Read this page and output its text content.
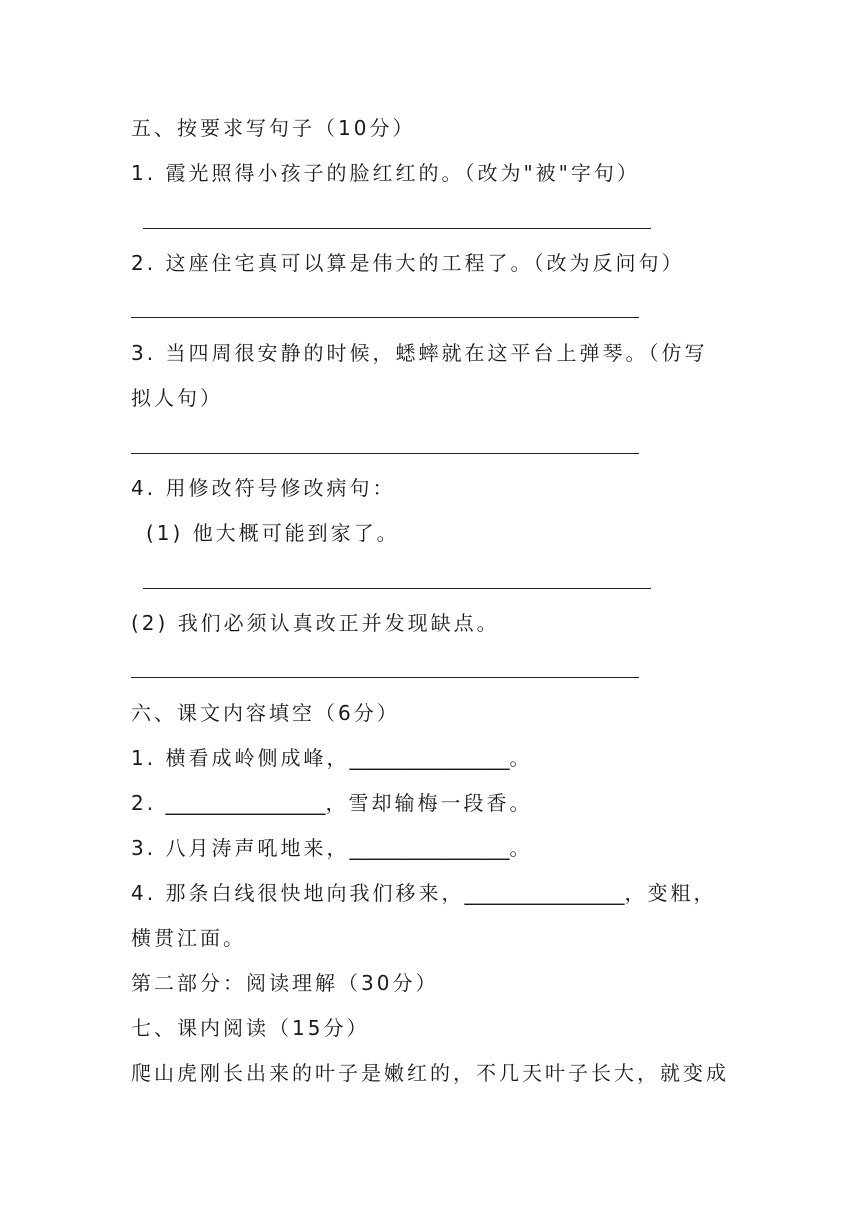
五、按要求写句子（10分）
1. 霞光照得小孩子的脸红红的。（改为"被"字句）
2. 这座住宅真可以算是伟大的工程了。（改为反问句）
3. 当四周很安静的时候，蟋蟀就在这平台上弹琴。（仿写
拟人句）
4. 用修改符号修改病句：
(1) 他大概可能到家了。
(2) 我们必须认真改正并发现缺点。
六、课文内容填空（6分）
1. 横看成岭侧成峰，________________。
2. ________________，雪却输梅一段香。
3. 八月涛声吼地来，________________。
4. 那条白线很快地向我们移来，________________，变粗，
横贯江面。
第二部分：阅读理解（30分）
七、课内阅读（15分）
爬山虎刚长出来的叶子是嫩红的，不几天叶子长大，就变成
